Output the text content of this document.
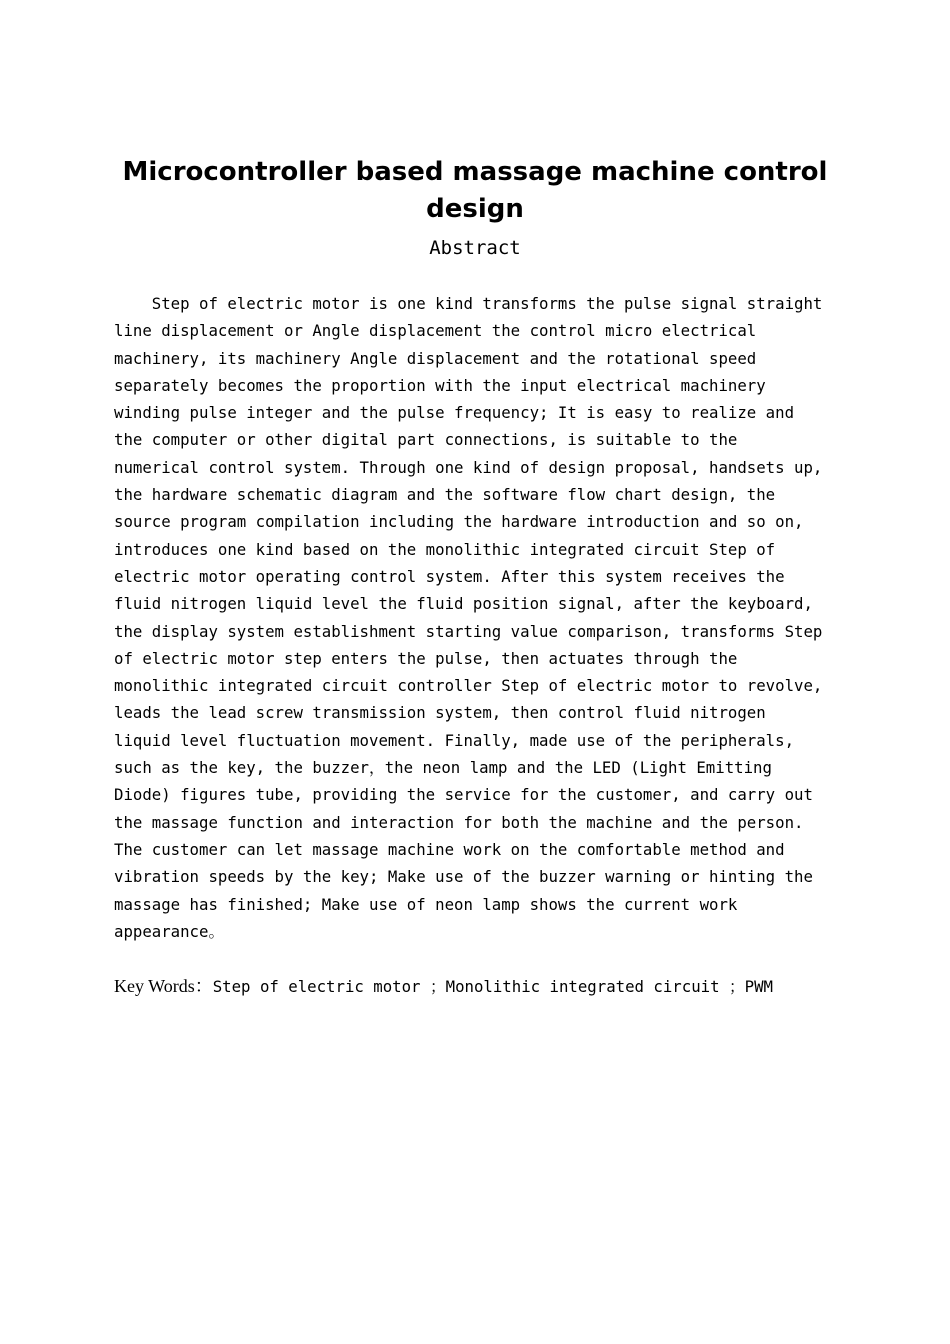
Microcontroller based massage machine control design
Abstract
Step of electric motor is one kind transforms the pulse signal straight
line displacement or Angle displacement the control micro electrical
machinery, its machinery Angle displacement and the rotational speed
separately becomes the proportion with the input electrical machinery
winding pulse integer and the pulse frequency; It is easy to realize and
the computer or other digital part connections, is suitable to the
numerical control system. Through one kind of design proposal, handsets up,
the hardware schematic diagram and the software flow chart design, the
source program compilation including the hardware introduction and so on,
introduces one kind based on the monolithic integrated circuit Step of
electric motor operating control system. After this system receives the
fluid nitrogen liquid level the fluid position signal, after the keyboard,
the display system establishment starting value comparison, transforms Step
of electric motor step enters the pulse, then actuates through the
monolithic integrated circuit controller Step of electric motor to revolve,
leads the lead screw transmission system, then control fluid nitrogen
liquid level fluctuation movement. Finally, made use of the peripherals,
such as the key, the buzzer，the neon lamp and the LED (Light Emitting
Diode) figures tube, providing the service for the customer, and carry out
the massage function and interaction for both the machine and the person.
The customer can let massage machine work on the comfortable method and
vibration speeds by the key; Make use of the buzzer warning or hinting the
massage has finished; Make use of neon lamp shows the current work
appearance。
Key Words：Step of electric motor ；Monolithic integrated circuit ；PWM
